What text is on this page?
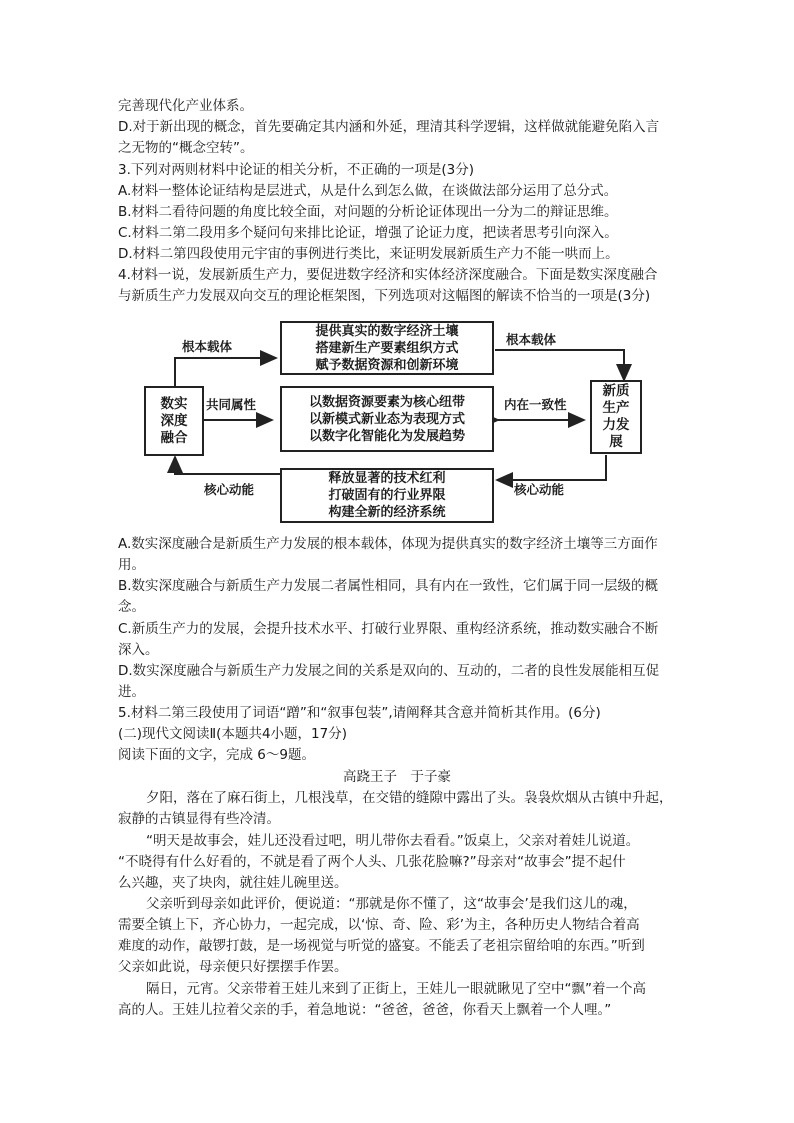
完善现代化产业体系。
D.对于新出现的概念，首先要确定其内涵和外延，理清其科学逻辑，这样做就能避免陷入言
之无物的“概念空转”。
3.下列对两则材料中论证的相关分析，不正确的一项是(3分)
A.材料一整体论证结构是层进式，从是什么到怎么做，在谈做法部分运用了总分式。
B.材料二看待问题的角度比较全面，对问题的分析论证体现出一分为二的辩证思维。
C.材料二第二段用多个疑问句来排比论证，增强了论证力度，把读者思考引向深入。
D.材料二第四段使用元宇宙的事例进行类比，来证明发展新质生产力不能一哄而上。
4.材料一说，发展新质生产力，要促进数字经济和实体经济深度融合。下面是数实深度融合
与新质生产力发展双向交互的理论框架图，下列选项对这幅图的解读不恰当的一项是(3分)
提供真实的数字经济土壤
搭建新生产要素组织方式
赋予数据资源和创新环境
以数据资源要素为核心纽带
以新模式新业态为表现方式
以数字化智能化为发展趋势
释放显著的技术红利
打破固有的行业界限
构建全新的经济系统
数实
深度
融合
新质
生产
力发
展
根本载体	根本载体
共同属性	内在一致性
核心动能	核心动能
A.数实深度融合是新质生产力发展的根本载体，体现为提供真实的数字经济土壤等三方面作
用。
B.数实深度融合与新质生产力发展二者属性相同，具有内在一致性，它们属于同一层级的概
念。
C.新质生产力的发展，会提升技术水平、打破行业界限、重构经济系统，推动数实融合不断
深入。
D.数实深度融合与新质生产力发展之间的关系是双向的、互动的，二者的良性发展能相互促
进。
5.材料二第三段使用了词语“蹭”和“叙事包装”,请阐释其含意并简析其作用。(6分)
(二)现代文阅读Ⅱ(本题共4小题，17分)
阅读下面的文字，完成 6～9题。
高跷王子　于子豪
夕阳，落在了麻石街上，几根浅草，在交错的缝隙中露出了头。袅袅炊烟从古镇中升起，
寂静的古镇显得有些冷清。
“明天是故事会，娃儿还没看过吧，明儿带你去看看。”饭桌上，父亲对着娃儿说道。
“不晓得有什么好看的，不就是看了两个人头、几张花脸嘛?”母亲对“故事会”提不起什
么兴趣，夹了块肉，就往娃儿碗里送。
父亲听到母亲如此评价，便说道：“那就是你不懂了，这“故事会’是我们这儿的魂，
需要全镇上下，齐心协力，一起完成，以‘惊、奇、险、彩’为主，各种历史人物结合着高
难度的动作，敲锣打鼓，是一场视觉与听觉的盛宴。不能丢了老祖宗留给咱的东西。”听到
父亲如此说，母亲便只好摆摆手作罢。
隔日，元宵。父亲带着王娃儿来到了正街上，王娃儿一眼就瞅见了空中“飘”着一个高
高的人。王娃儿拉着父亲的手，着急地说：“爸爸，爸爸，你看天上飘着一个人哩。”
